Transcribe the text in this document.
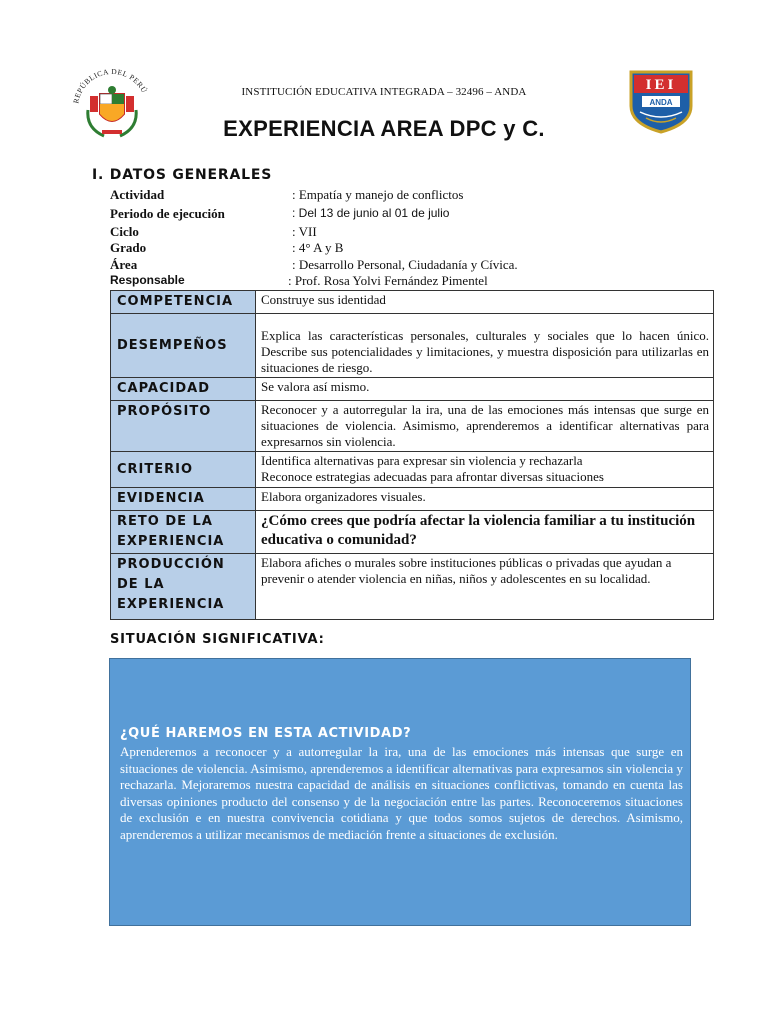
REPÚBLICA DEL PERÚ	IEI
ANDA
INSTITUCIÓN EDUCATIVA INTEGRADA – 32496 – ANDA
EXPERIENCIA AREA DPC y C.
I. DATOS GENERALES
Actividad	: Empatía y manejo de conflictos
Periodo de ejecución	: Del 13 de junio al 01 de julio
Ciclo	: VII
Grado	: 4° A y B
Área	: Desarrollo Personal, Ciudadanía y Cívica.
Responsable	: Prof. Rosa Yolvi Fernández Pimentel
COMPETENCIA	Construye sus identidad
DESEMPEÑOS	Explica las características personales, culturales y sociales que lo hacen único. Describe sus potencialidades y limitaciones, y muestra disposición para utilizarlas en situaciones de riesgo.
CAPACIDAD	Se valora así mismo.
PROPÓSITO	Reconocer y a autorregular la ira, una de las emociones más intensas que surge en situaciones de violencia. Asimismo, aprenderemos a identificar alternativas para expresarnos sin violencia.
CRITERIO	Identifica alternativas para expresar sin violencia y rechazarla
Reconoce estrategias adecuadas para afrontar diversas situaciones

EVIDENCIA	Elabora organizadores visuales.

RETO DE LA
EXPERIENCIA	¿Cómo crees que podría afectar la violencia familiar a tu institución educativa o comunidad?

PRODUCCIÓN
DE LA
EXPERIENCIA	Elabora afiches o murales sobre instituciones públicas o privadas que ayudan a prevenir o atender violencia en niñas, niños y adolescentes en su localidad.
SITUACIÓN SIGNIFICATIVA:
¿QUÉ HAREMOS EN ESTA ACTIVIDAD?
Aprenderemos a reconocer y a autorregular la ira, una de las emociones más intensas que surge en situaciones de violencia. Asimismo, aprenderemos a identificar alternativas para expresarnos sin violencia y rechazarla. Mejoraremos nuestra capacidad de análisis en situaciones conflictivas, tomando en cuenta las diversas opiniones producto del consenso y de la negociación entre las partes. Reconoceremos situaciones de exclusión e en nuestra convivencia cotidiana y que todos somos sujetos de derechos. Asimismo, aprenderemos a utilizar mecanismos de mediación frente a situaciones de exclusión.
